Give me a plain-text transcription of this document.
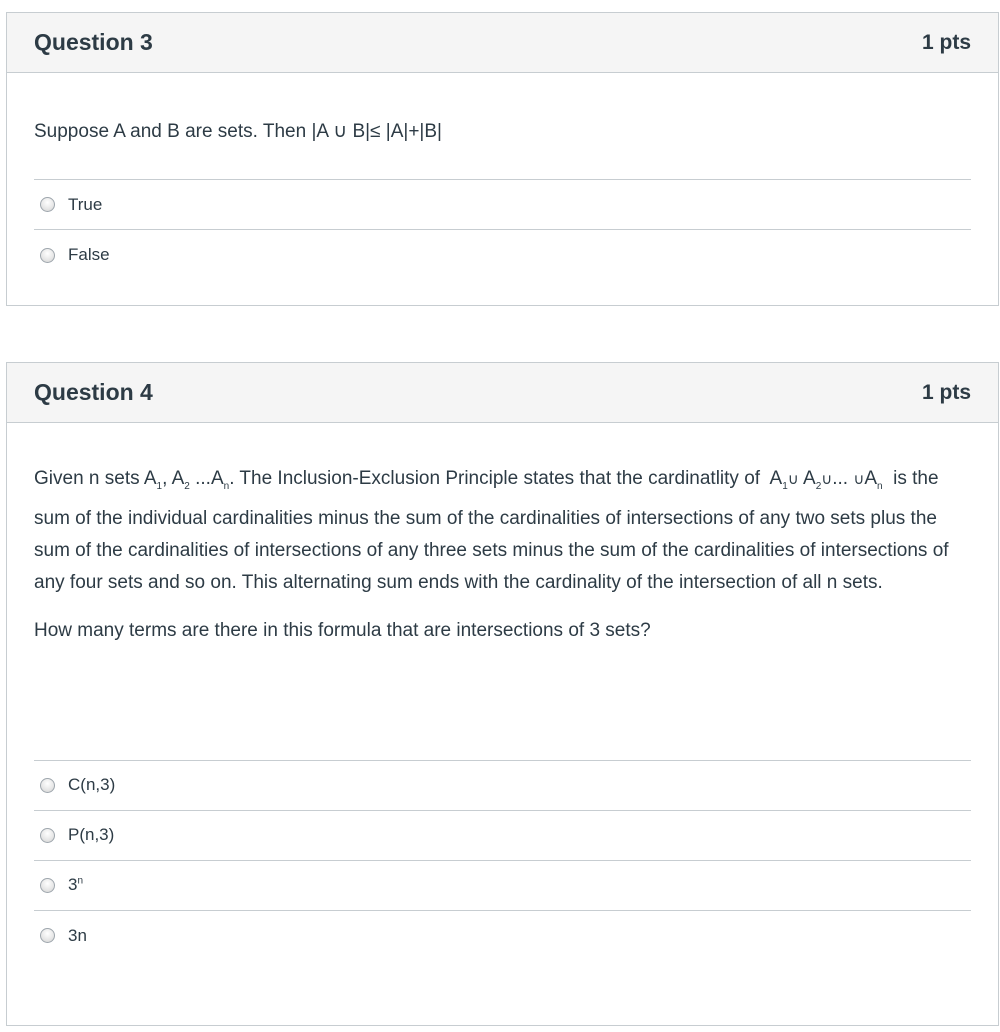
Question 3	1 pts
Suppose A and B are sets. Then |A ∪ B|≤ |A|+|B|
True
False
Question 4	1 pts

Given n sets $A_1$, $A_2$ $...A_n$. The Inclusion-Exclusion Principle states that the cardinatlity of  $A_1\cup$ $A_2\cup$... $\cup A_n$ is the sum of the individual cardinalities minus the sum of the cardinalities of intersections of any two sets plus the sum of the cardinalities of intersections of any three sets minus the sum of the cardinalities of intersections of any four sets and so on. This alternating sum ends with the cardinality of the intersection of all n sets.

How many terms are there in this formula that are intersections of 3 sets?

C(n,3)
P(n,3)
3$^n$
3n
